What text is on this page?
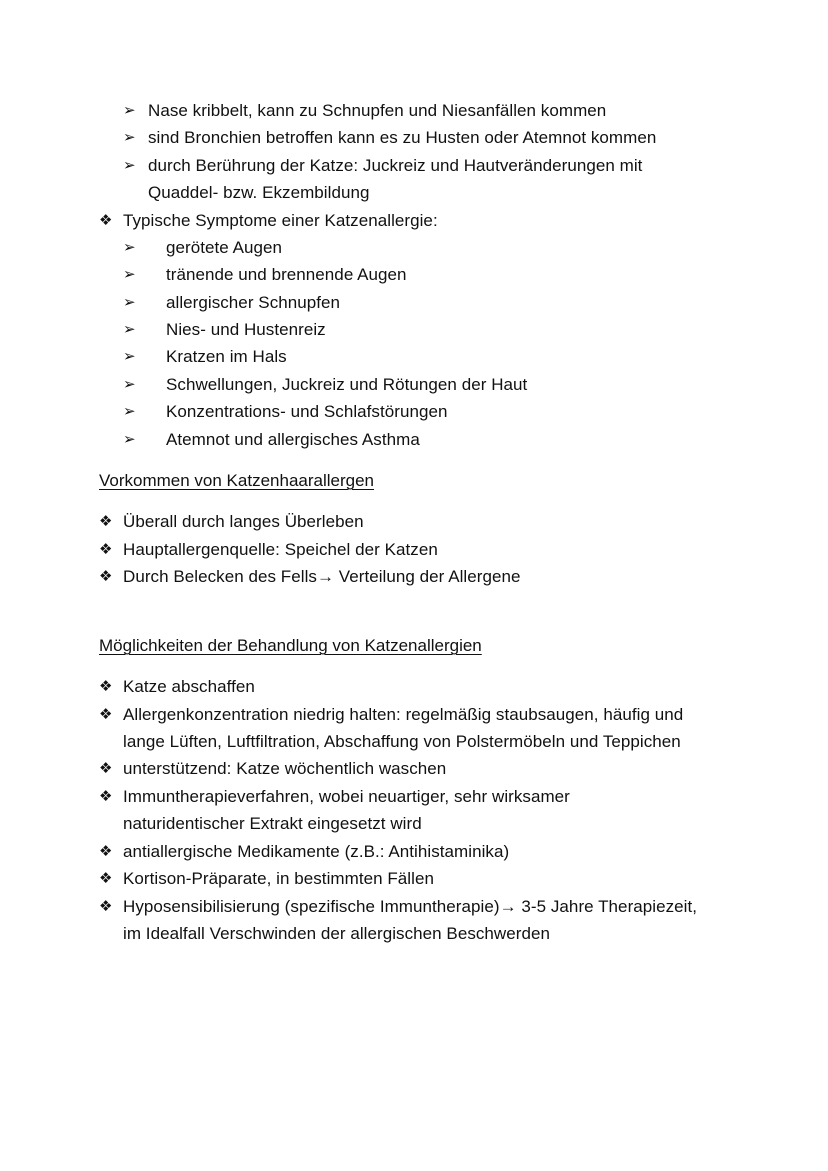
➢ Nase kribbelt, kann zu Schnupfen und Niesanfällen kommen
➢ sind Bronchien betroffen kann es zu Husten oder Atemnot kommen
➢ durch Berührung der Katze: Juckreiz und Hautveränderungen mit
Quaddel- bzw. Ekzembildung
❖ Typische Symptome einer Katzenallergie:
➢ gerötete Augen
➢ tränende und brennende Augen
➢ allergischer Schnupfen
➢ Nies- und Hustenreiz
➢ Kratzen im Hals
➢ Schwellungen, Juckreiz und Rötungen der Haut
➢ Konzentrations- und Schlafstörungen
➢ Atemnot und allergisches Asthma
Vorkommen von Katzenhaarallergen
❖ Überall durch langes Überleben
❖ Hauptallergenquelle: Speichel der Katzen
❖ Durch Belecken des Fells→ Verteilung der Allergene
Möglichkeiten der Behandlung von Katzenallergien
❖ Katze abschaffen
❖ Allergenkonzentration niedrig halten: regelmäßig staubsaugen, häufig und
lange Lüften, Luftfiltration, Abschaffung von Polstermöbeln und Teppichen
❖ unterstützend: Katze wöchentlich waschen
❖ Immuntherapieverfahren, wobei neuartiger, sehr wirksamer
naturidentischer Extrakt eingesetzt wird
❖ antiallergische Medikamente (z.B.: Antihistaminika)
❖ Kortison-Präparate, in bestimmten Fällen
❖ Hyposensibilisierung (spezifische Immuntherapie)→ 3-5 Jahre Therapiezeit,
im Idealfall Verschwinden der allergischen Beschwerden
